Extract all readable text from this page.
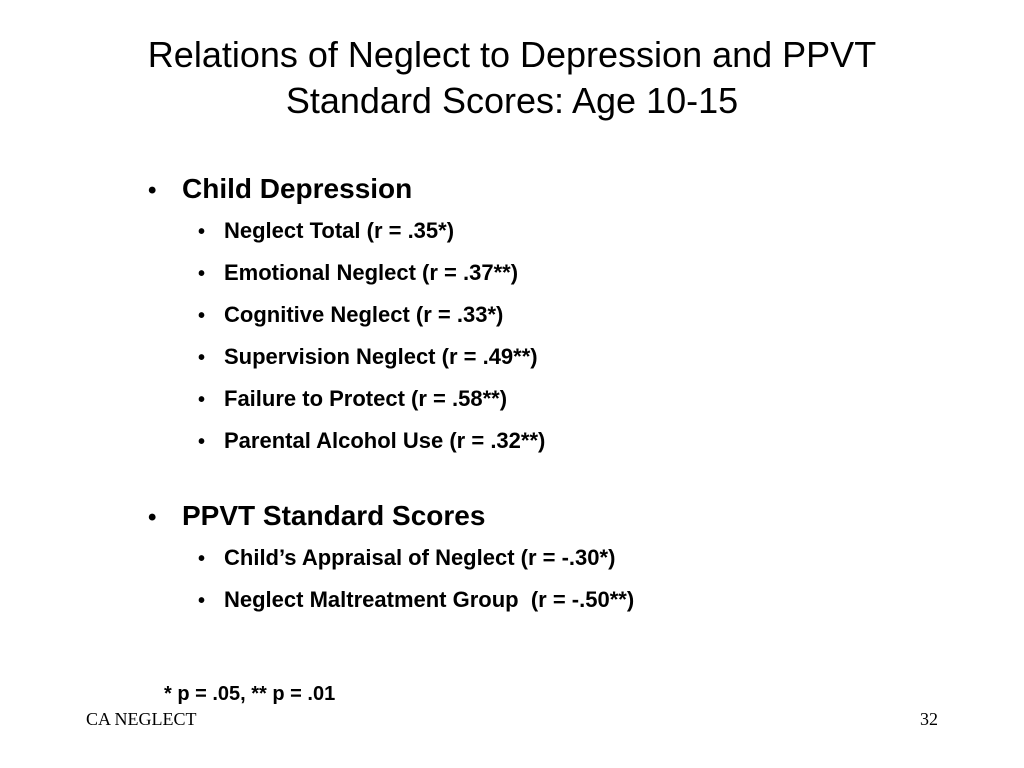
Relations of Neglect to Depression and PPVT
Standard Scores: Age 10-15
• Child Depression
• Neglect Total (r = .35*)
• Emotional Neglect (r = .37**)
• Cognitive Neglect (r = .33*)
• Supervision Neglect (r = .49**)
• Failure to Protect (r = .58**)
• Parental Alcohol Use (r = .32**)
• PPVT Standard Scores
• Child’s Appraisal of Neglect (r = -.30*)
• Neglect Maltreatment Group  (r = -.50**)
* p = .05, ** p = .01
CA NEGLECT	32
